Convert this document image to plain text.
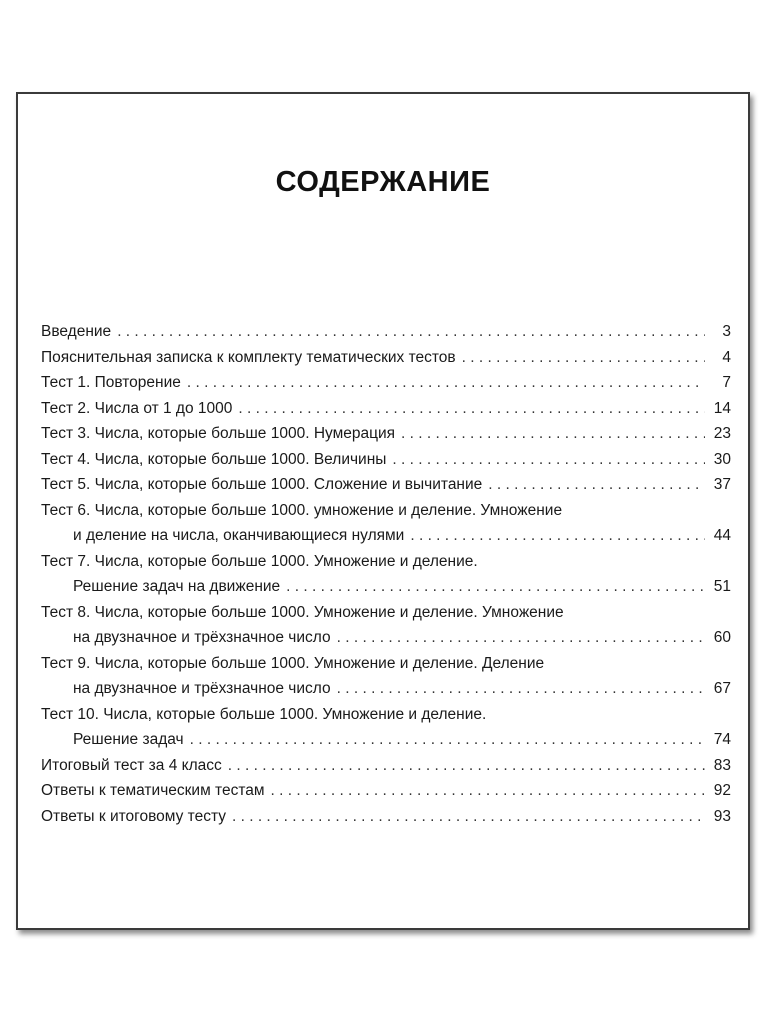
СОДЕРЖАНИЕ
Введение . . .	3
Пояснительная записка к комплекту тематических тестов . . .	4
Тест 1. Повторение . . .	7
Тест 2. Числа от 1 до 1000 . . .	14
Тест 3. Числа, которые больше 1000. Нумерация . . .	23
Тест 4. Числа, которые больше 1000. Величины . . .	30
Тест 5. Числа, которые больше 1000. Сложение и вычитание . . .	37
Тест 6. Числа, которые больше 1000. умножение и деление. Умножение
и деление на числа, оканчивающиеся нулями . . .	44
Тест 7. Числа, которые больше 1000. Умножение и деление.
Решение задач на движение . . .	51
Тест 8. Числа, которые больше 1000. Умножение и деление. Умножение
на двузначное и трёхзначное число . . .	60
Тест 9. Числа, которые больше 1000. Умножение и деление. Деление
на двузначное и трёхзначное число . . .	67
Тест 10. Числа, которые больше 1000. Умножение и деление.
Решение задач . . .	74
Итоговый тест за 4 класс . . .	83
Ответы к тематическим тестам . . .	92
Ответы к итоговому тесту . . .	93
